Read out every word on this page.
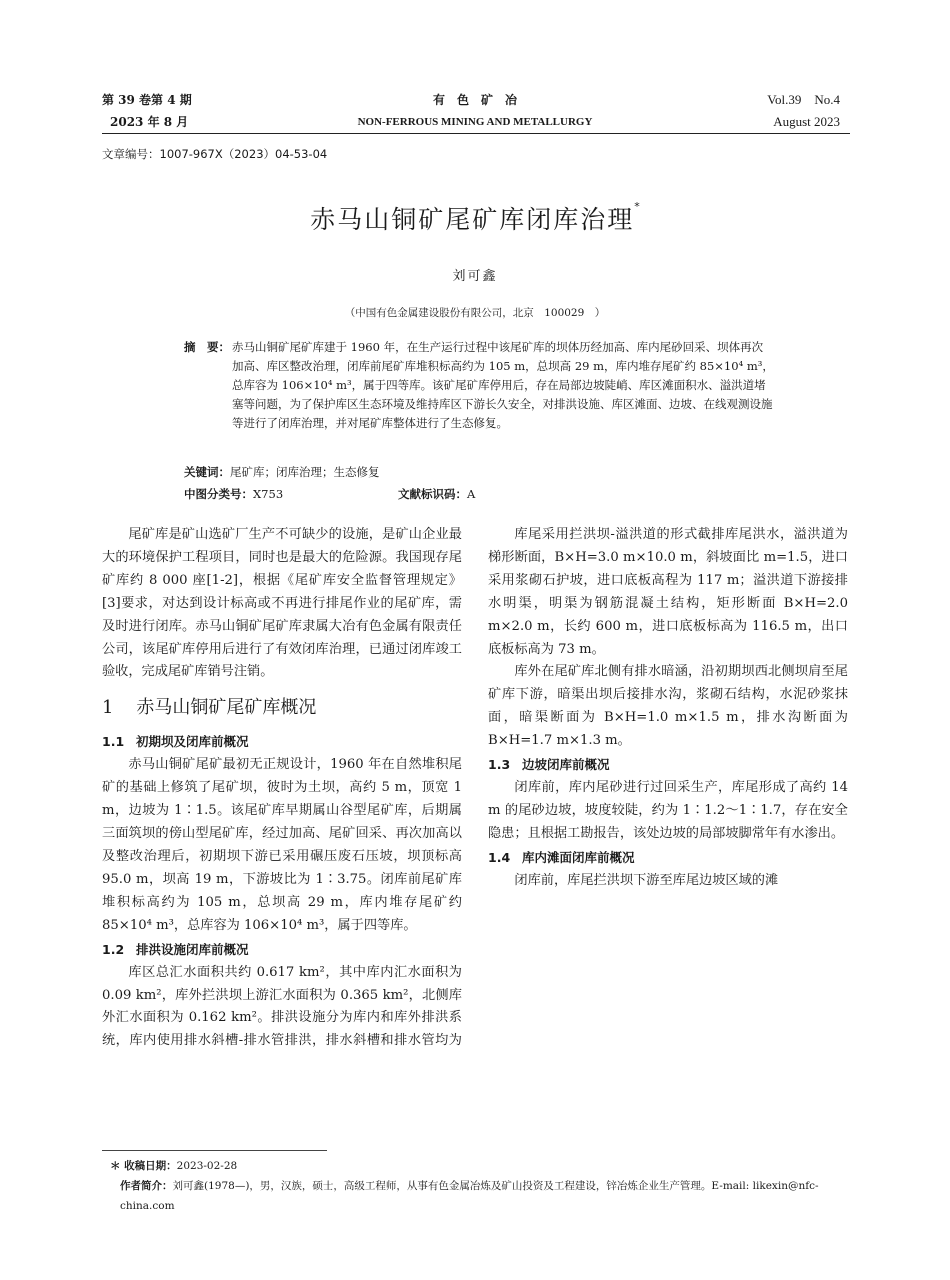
第 39 卷第 4 期
2023 年 8 月
有　色　矿　冶
NON-FERROUS MINING AND METALLURGY
Vol.39　No.4
August 2023
文章编号：1007-967X（2023）04-53-04
赤马山铜矿尾矿库闭库治理*
刘可鑫
（中国有色金属建设股份有限公司，北京　100029　）
摘　要： 赤马山铜矿尾矿库建于 1960 年，在生产运行过程中该尾矿库的坝体历经加高、库内尾砂回采、坝体再次加高、库区整改治理，闭库前尾矿库堆积标高约为 105 m，总坝高 29 m，库内堆存尾矿约 85×10⁴ m³，总库容为 106×10⁴ m³，属于四等库。该矿尾矿库停用后，存在局部边坡陡峭、库区滩面积水、溢洪道堵塞等问题，为了保护库区生态环境及维持库区下游长久安全，对排洪设施、库区滩面、边坡、在线观测设施等进行了闭库治理，并对尾矿库整体进行了生态修复。
关键词：尾矿库；闭库治理；生态修复
中图分类号：X753	文献标识码：A

尾矿库是矿山选矿厂生产不可缺少的设施，是矿山企业最大的环境保护工程项目，同时也是最大的危险源。我国现存尾矿库约 8 000 座[1-2]，根据《尾矿库安全监督管理规定》[3]要求，对达到设计标高或不再进行排尾作业的尾矿库，需及时进行闭库。赤马山铜矿尾矿库隶属大冶有色金属有限责任公司，该尾矿库停用后进行了有效闭库治理，已通过闭库竣工验收，完成尾矿库销号注销。

1 赤马山铜矿尾矿库概况
1.1 初期坝及闭库前概况

赤马山铜矿尾矿最初无正规设计，1960 年在自然堆积尾矿的基础上修筑了尾矿坝，彼时为土坝，高约 5 m，顶宽 1 m，边坡为 1∶1.5。该尾矿库早期属山谷型尾矿库，后期属三面筑坝的傍山型尾矿库，经过加高、尾矿回采、再次加高以及整改治理后，初期坝下游已采用碾压废石压坡，坝顶标高 95.0 m，坝高 19 m，下游坡比为 1∶3.75。闭库前尾矿库堆积标高约为 105 m，总坝高 29 m，库内堆存尾矿约 85×10⁴ m³，总库容为 106×10⁴ m³，属于四等库。

1.2 排洪设施闭库前概况

库区总汇水面积共约 0.617 km²，其中库内汇水面积为 0.09 km²，库外拦洪坝上游汇水面积为 0.365 km²，北侧库外汇水面积为 0.162 km²。排洪设施分为库内和库外排洪系统，库内使用排水斜槽-排水管排洪，排水斜槽和排水管均为

库尾采用拦洪坝-溢洪道的形式截排库尾洪水，溢洪道为梯形断面，B×H=3.0 m×10.0 m，斜坡面比 m=1.5，进口采用浆砌石护坡，进口底板高程为 117 m；溢洪道下游接排水明渠，明渠为钢筋混凝土结构，矩形断面 B×H=2.0 m×2.0 m，长约 600 m，进口底板标高为 116.5 m，出口底板标高为 73 m。

库外在尾矿库北侧有排水暗涵，沿初期坝西北侧坝肩至尾矿库下游，暗渠出坝后接排水沟，浆砌石结构，水泥砂浆抹面，暗渠断面为 B×H=1.0 m×1.5 m，排水沟断面为 B×H=1.7 m×1.3 m。

1.3 边坡闭库前概况

闭库前，库内尾砂进行过回采生产，库尾形成了高约 14 m 的尾砂边坡，坡度较陡，约为 1∶1.2～1∶1.7，存在安全隐患；且根据工勘报告，该处边坡的局部坡脚常年有水渗出。

1.4 库内滩面闭库前概况

闭库前，库尾拦洪坝下游至库尾边坡区域的滩

＊ 收稿日期：2023-02-28
作者简介：刘可鑫(1978—)，男，汉族，硕士，高级工程师，从事有色金属冶炼及矿山投资及工程建设，锌冶炼企业生产管理。E-mail: likexin@nfc-china.com
